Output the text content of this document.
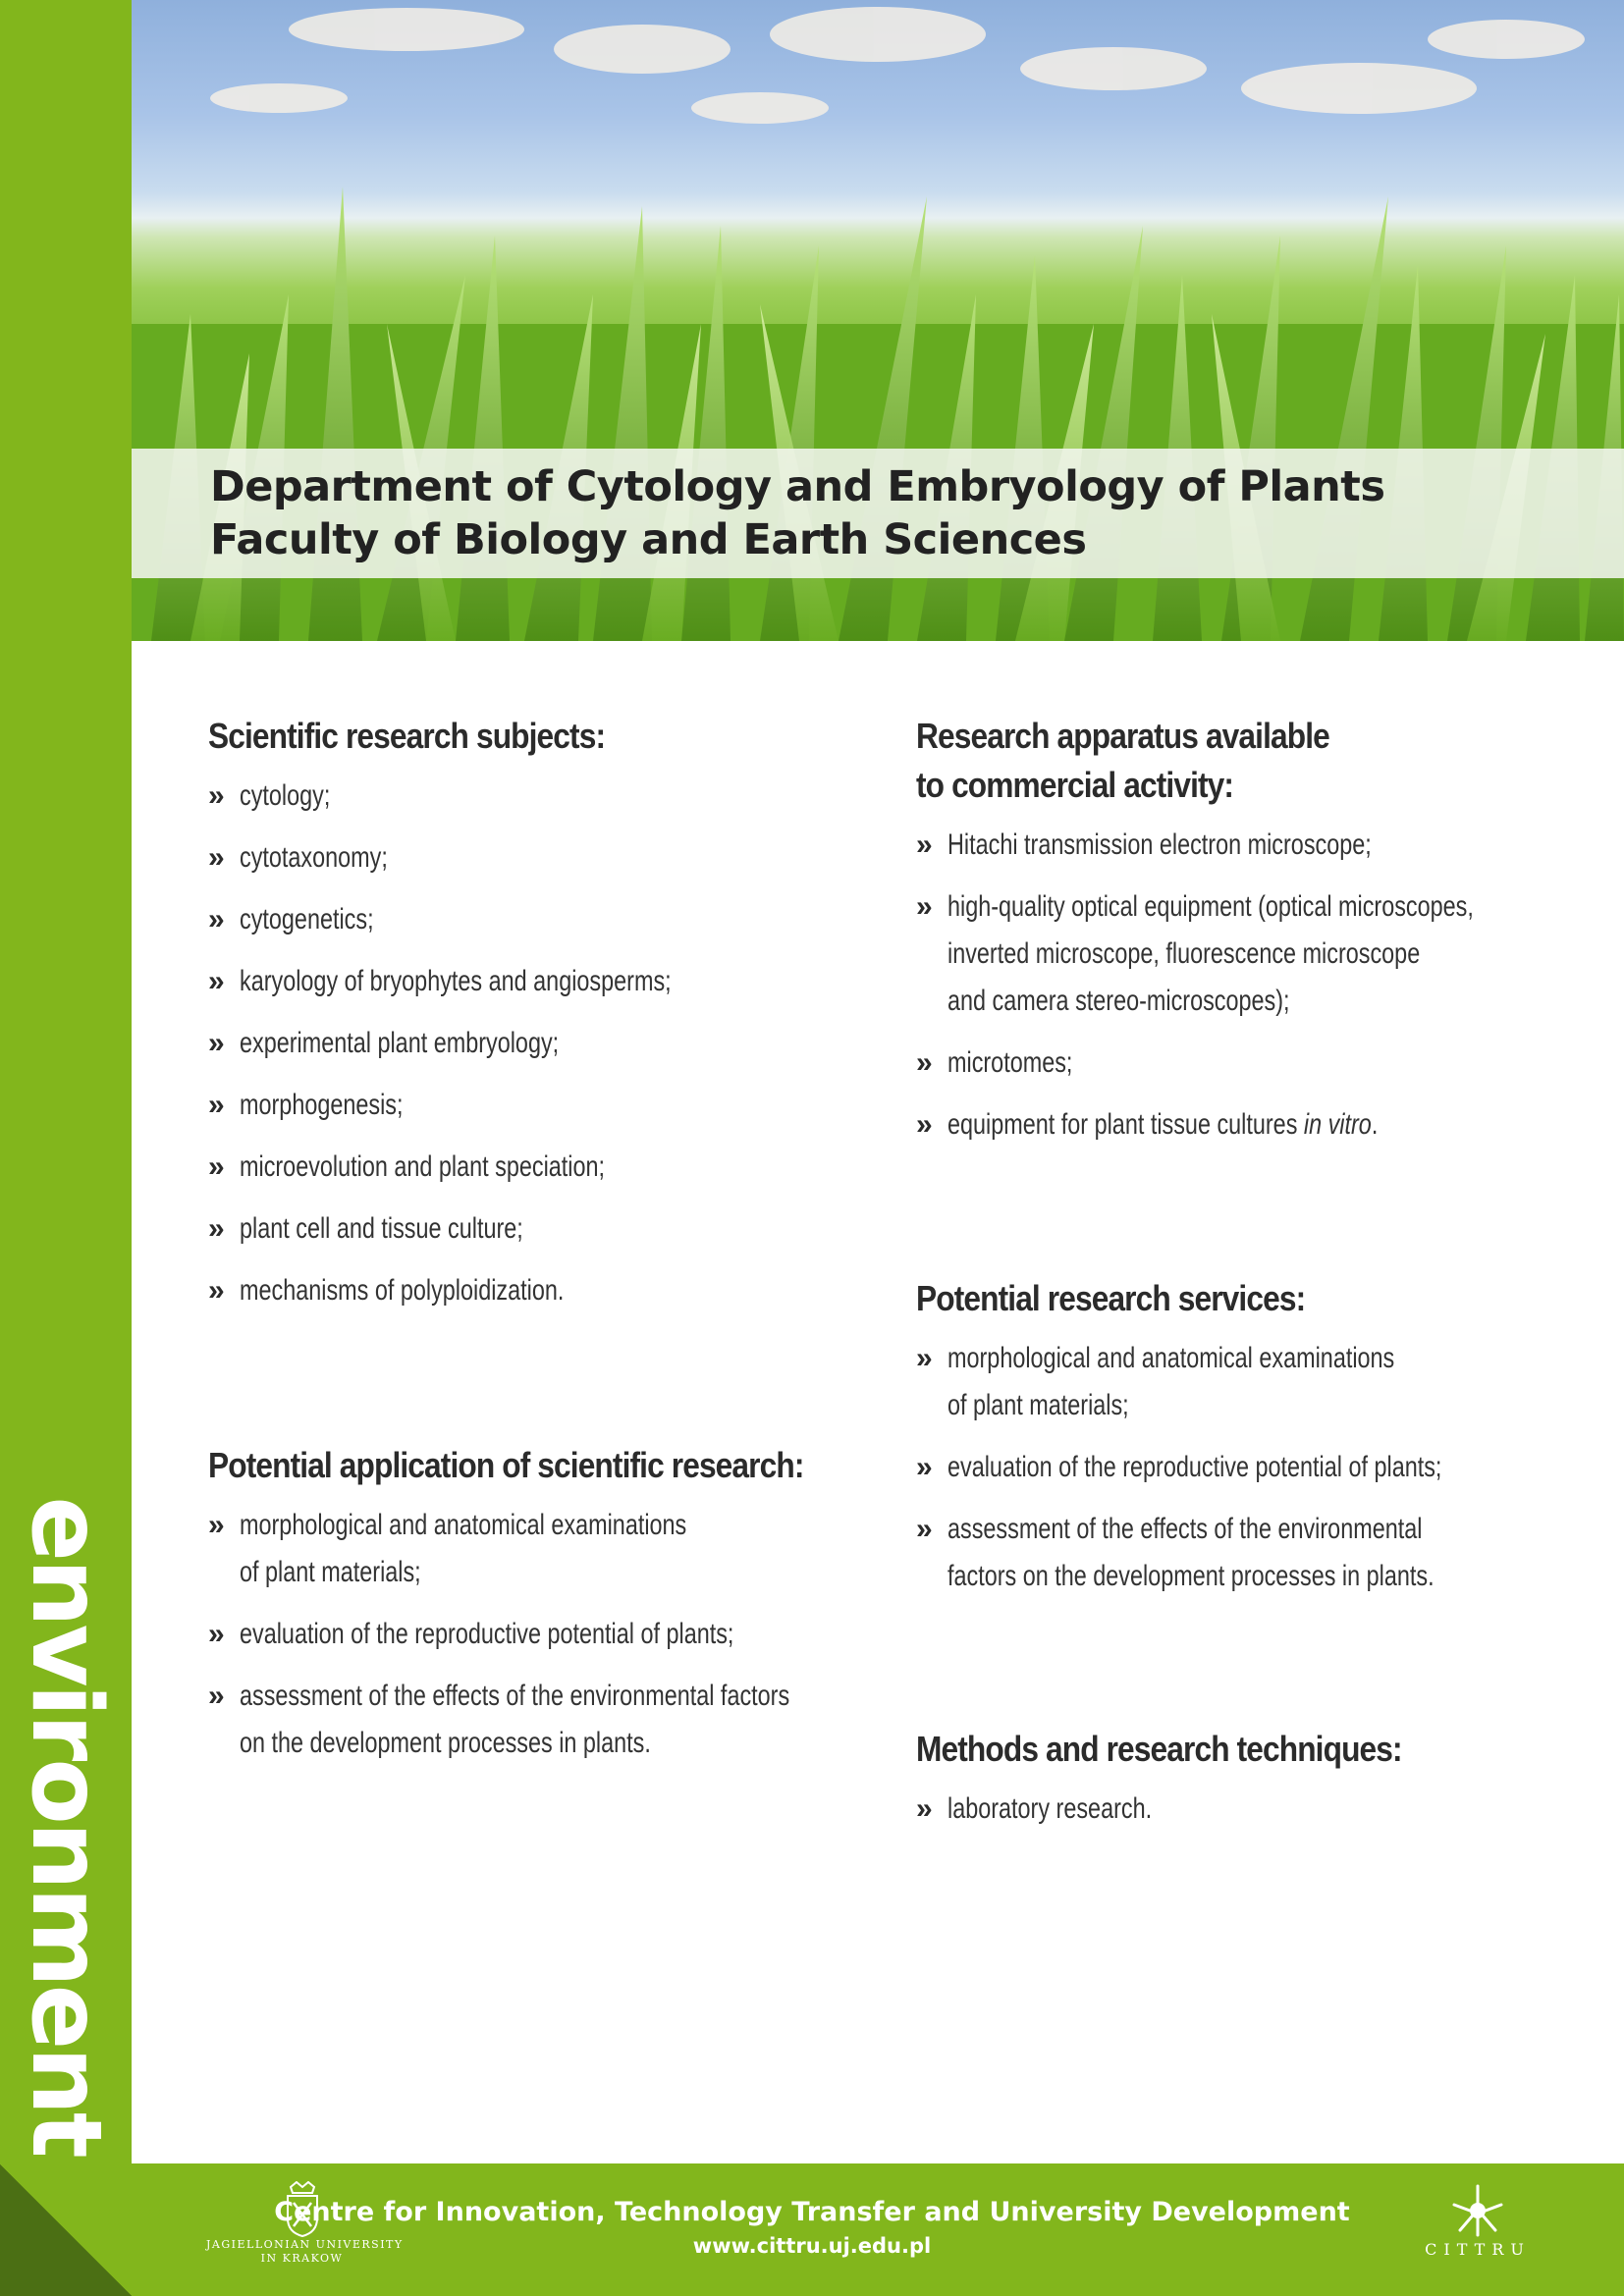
environment
Department of Cytology and Embryology of Plants
Faculty of Biology and Earth Sciences
Scientific research subjects:
» cytology;
» cytotaxonomy;
» cytogenetics;
» karyology of bryophytes and angiosperms;
» experimental plant embryology;
» morphogenesis;
» microevolution and plant speciation;
» plant cell and tissue culture;
» mechanisms of polyploidization.
Potential application of scientific research:
» morphological and anatomical examinations
of plant materials;
» evaluation of the reproductive potential of plants;
» assessment of the effects of the environmental factors
on the development processes in plants.
Research apparatus available
to commercial activity:
» Hitachi transmission electron microscope;
» high-quality optical equipment (optical microscopes,
inverted microscope, fluorescence microscope
and camera stereo-microscopes);
» microtomes;
» equipment for plant tissue cultures in vitro.
Potential research services:
» morphological and anatomical examinations
of plant materials;
» evaluation of the reproductive potential of plants;
» assessment of the effects of the environmental
factors on the development processes in plants.
Methods and research techniques:
» laboratory research.
JAGIELLONIAN UNIVERSITY
IN KRAKOW
Centre for Innovation, Technology Transfer and University Development
www.cittru.uj.edu.pl	CITTRU
